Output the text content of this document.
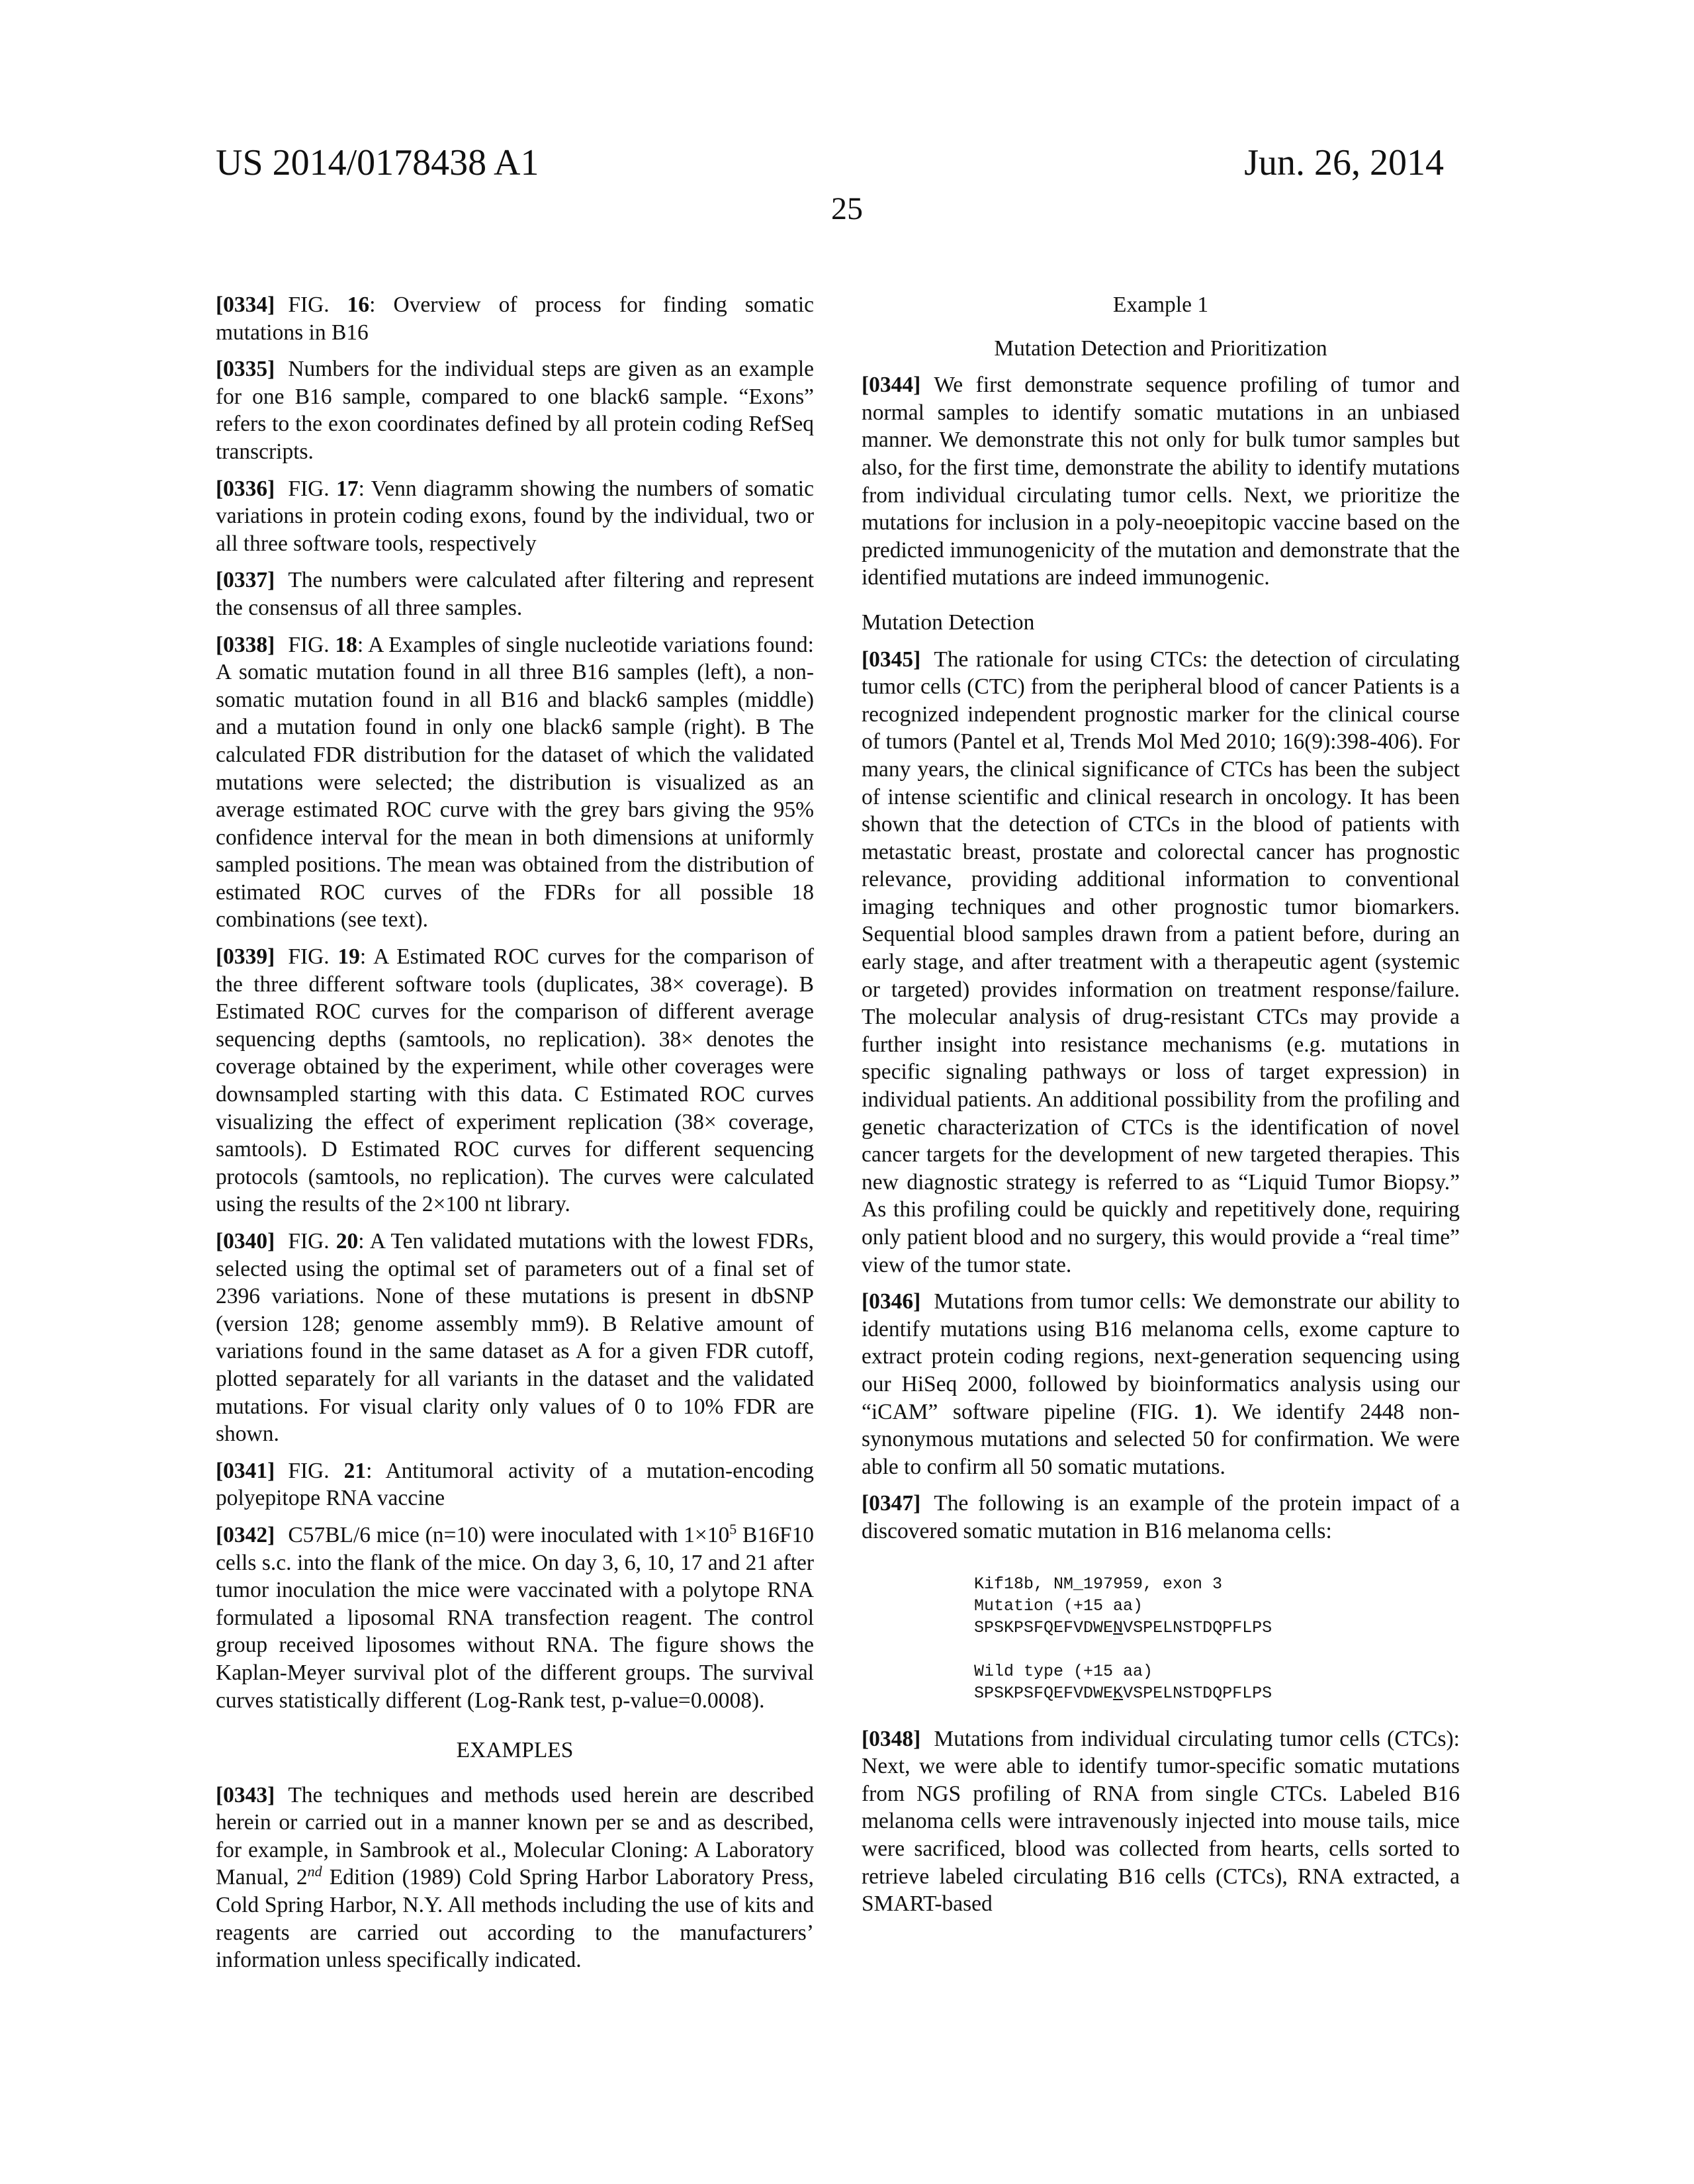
US 2014/0178438 A1	Jun. 26, 2014
25

[0334] FIG. 16: Overview of process for finding somatic mutations in B16

[0335] Numbers for the individual steps are given as an example for one B16 sample, compared to one black6 sample. “Exons” refers to the exon coordinates defined by all protein coding RefSeq transcripts.

[0336] FIG. 17: Venn diagramm showing the numbers of somatic variations in protein coding exons, found by the individual, two or all three software tools, respectively

[0337] The numbers were calculated after filtering and represent the consensus of all three samples.

[0338] FIG. 18: A Examples of single nucleotide variations found: A somatic mutation found in all three B16 samples (left), a non-somatic mutation found in all B16 and black6 samples (middle) and a mutation found in only one black6 sample (right). B The calculated FDR distribution for the dataset of which the validated mutations were selected; the distribution is visualized as an average estimated ROC curve with the grey bars giving the 95% confidence interval for the mean in both dimensions at uniformly sampled positions. The mean was obtained from the distribution of estimated ROC curves of the FDRs for all possible 18 combinations (see text).

[0339] FIG. 19: A Estimated ROC curves for the comparison of the three different software tools (duplicates, 38× coverage). B Estimated ROC curves for the comparison of different average sequencing depths (samtools, no replication). 38× denotes the coverage obtained by the experiment, while other coverages were downsampled starting with this data. C Estimated ROC curves visualizing the effect of experiment replication (38× coverage, samtools). D Estimated ROC curves for different sequencing protocols (samtools, no replication). The curves were calculated using the results of the 2×100 nt library.

[0340] FIG. 20: A Ten validated mutations with the lowest FDRs, selected using the optimal set of parameters out of a final set of 2396 variations. None of these mutations is present in dbSNP (version 128; genome assembly mm9). B Relative amount of variations found in the same dataset as A for a given FDR cutoff, plotted separately for all variants in the dataset and the validated mutations. For visual clarity only values of 0 to 10% FDR are shown.

[0341] FIG. 21: Antitumoral activity of a mutation-encoding polyepitope RNA vaccine

[0342] C57BL/6 mice (n=10) were inoculated with $1\times 10^5$ B16F10 cells s.c. into the flank of the mice. On day 3, 6, 10, 17 and 21 after tumor inoculation the mice were vaccinated with a polytope RNA formulated a liposomal RNA transfection reagent. The control group received liposomes without RNA. The figure shows the Kaplan-Meyer survival plot of the different groups. The survival curves statistically different (Log-Rank test, p-value=0.0008).

EXAMPLES

[0343] The techniques and methods used herein are described herein or carried out in a manner known per se and as described, for example, in Sambrook et al., Molecular Cloning: A Laboratory Manual, 2nd Edition (1989) Cold Spring Harbor Laboratory Press, Cold Spring Harbor, N.Y. All methods including the use of kits and reagents are carried out according to the manufacturers’ information unless specifically indicated.

Example 1

Mutation Detection and Prioritization

[0344] We first demonstrate sequence profiling of tumor and normal samples to identify somatic mutations in an unbiased manner. We demonstrate this not only for bulk tumor samples but also, for the first time, demonstrate the ability to identify mutations from individual circulating tumor cells. Next, we prioritize the mutations for inclusion in a poly-neoepitopic vaccine based on the predicted immunogenicity of the mutation and demonstrate that the identified mutations are indeed immunogenic.

Mutation Detection

[0345] The rationale for using CTCs: the detection of circulating tumor cells (CTC) from the peripheral blood of cancer Patients is a recognized independent prognostic marker for the clinical course of tumors (Pantel et al, Trends Mol Med 2010; 16(9):398-406). For many years, the clinical significance of CTCs has been the subject of intense scientific and clinical research in oncology. It has been shown that the detection of CTCs in the blood of patients with metastatic breast, prostate and colorectal cancer has prognostic relevance, providing additional information to conventional imaging techniques and other prognostic tumor biomarkers. Sequential blood samples drawn from a patient before, during an early stage, and after treatment with a therapeutic agent (systemic or targeted) provides information on treatment response/failure. The molecular analysis of drug-resistant CTCs may provide a further insight into resistance mechanisms (e.g. mutations in specific signaling pathways or loss of target expression) in individual patients. An additional possibility from the profiling and genetic characterization of CTCs is the identification of novel cancer targets for the development of new targeted therapies. This new diagnostic strategy is referred to as “Liquid Tumor Biopsy.” As this profiling could be quickly and repetitively done, requiring only patient blood and no surgery, this would provide a “real time” view of the tumor state.

[0346] Mutations from tumor cells: We demonstrate our ability to identify mutations using B16 melanoma cells, exome capture to extract protein coding regions, next-generation sequencing using our HiSeq 2000, followed by bioinformatics analysis using our “iCAM” software pipeline (FIG. 1). We identify 2448 non-synonymous mutations and selected 50 for confirmation. We were able to confirm all 50 somatic mutations.

[0347] The following is an example of the protein impact of a discovered somatic mutation in B16 melanoma cells:

Kif18b, NM_197959, exon 3
Mutation (+15 aa)
SPSKPSFQEFVDWENVSPELNSTDQPFLPS
Wild type (+15 aa)
SPSKPSFQEFVDWEKVSPELNSTDQPFLPS

[0348] Mutations from individual circulating tumor cells (CTCs): Next, we were able to identify tumor-specific somatic mutations from NGS profiling of RNA from single CTCs. Labeled B16 melanoma cells were intravenously injected into mouse tails, mice were sacrificed, blood was collected from hearts, cells sorted to retrieve labeled circulating B16 cells (CTCs), RNA extracted, a SMART-based
